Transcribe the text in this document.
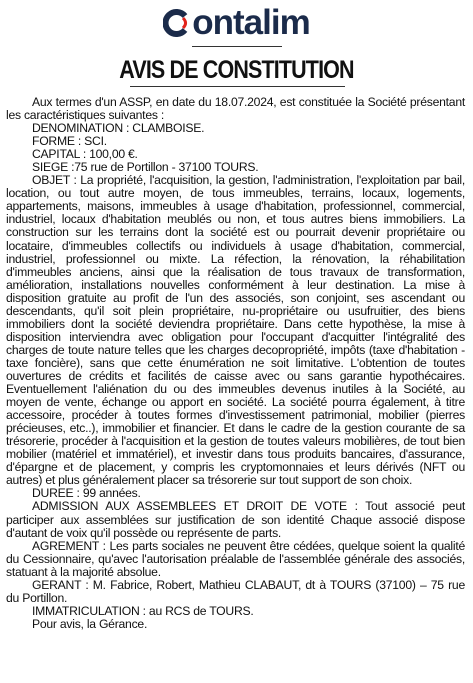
ontalim
AVIS DE CONSTITUTION

Aux termes d'un ASSP, en date du 18.07.2024, est constituée la Société présentant les caractéristiques suivantes :

DENOMINATION : CLAMBOISE.

FORME : SCI.

CAPITAL : 100,00 €.

SIEGE :75 rue de Portillon - 37100 TOURS.

OBJET : La propriété, l'acquisition, la gestion, l'administration, l'exploitation par bail, location, ou tout autre moyen, de tous immeubles, terrains, locaux, logements, appartements, maisons, immeubles à usage d'habitation, professionnel, commercial, industriel, locaux d'habitation meublés ou non, et tous autres biens immobiliers. La construction sur les terrains dont la société est ou pourrait devenir propriétaire ou locataire, d'immeubles collectifs ou individuels à usage d'habitation, commercial, industriel, professionnel ou mixte. La réfection, la rénovation, la réhabilitation d'immeubles anciens, ainsi que la réalisation de tous travaux de transformation, amélioration, installations nouvelles conformément à leur destination. La mise à disposition gratuite au profit de l'un des associés, son conjoint, ses ascendant ou descendants, qu'il soit plein propriétaire, nu-propriétaire ou usufruitier, des biens immobiliers dont la société deviendra propriétaire. Dans cette hypothèse, la mise à disposition interviendra avec obligation pour l'occupant d'acquitter l'intégralité des charges de toute nature telles que les charges decopropriété, impôts (taxe d'habitation - taxe foncière), sans que cette énumération ne soit limitative. L'obtention de toutes ouvertures de crédits et facilités de caisse avec ou sans garantie hypothécaires. Eventuellement l'aliénation du ou des immeubles devenus inutiles à la Société, au moyen de vente, échange ou apport en société. La société pourra également, à titre accessoire, procéder à toutes formes d'investissement patrimonial, mobilier (pierres précieuses, etc..), immobilier et financier. Et dans le cadre de la gestion courante de sa trésorerie, procéder à l'acquisition et la gestion de toutes valeurs mobilières, de tout bien mobilier (matériel et immatériel), et investir dans tous produits bancaires, d'assurance, d'épargne et de placement, y compris les cryptomonnaies et leurs dérivés (NFT ou autres) et plus généralement placer sa trésorerie sur tout support de son choix.

DUREE : 99 années.

ADMISSION AUX ASSEMBLEES ET DROIT DE VOTE : Tout associé peut participer aux assemblées sur justification de son identité Chaque associé dispose d'autant de voix qu'il possède ou représente de parts.

AGREMENT : Les parts sociales ne peuvent être cédées, quelque soient la qualité du Cessionnaire, qu'avec l'autorisation préalable de l'assemblée générale des associés, statuant à la majorité absolue.

GERANT : M. Fabrice, Robert, Mathieu CLABAUT, dt à TOURS (37100) – 75 rue du Portillon.

IMMATRICULATION : au RCS de TOURS.

Pour avis, la Gérance.
